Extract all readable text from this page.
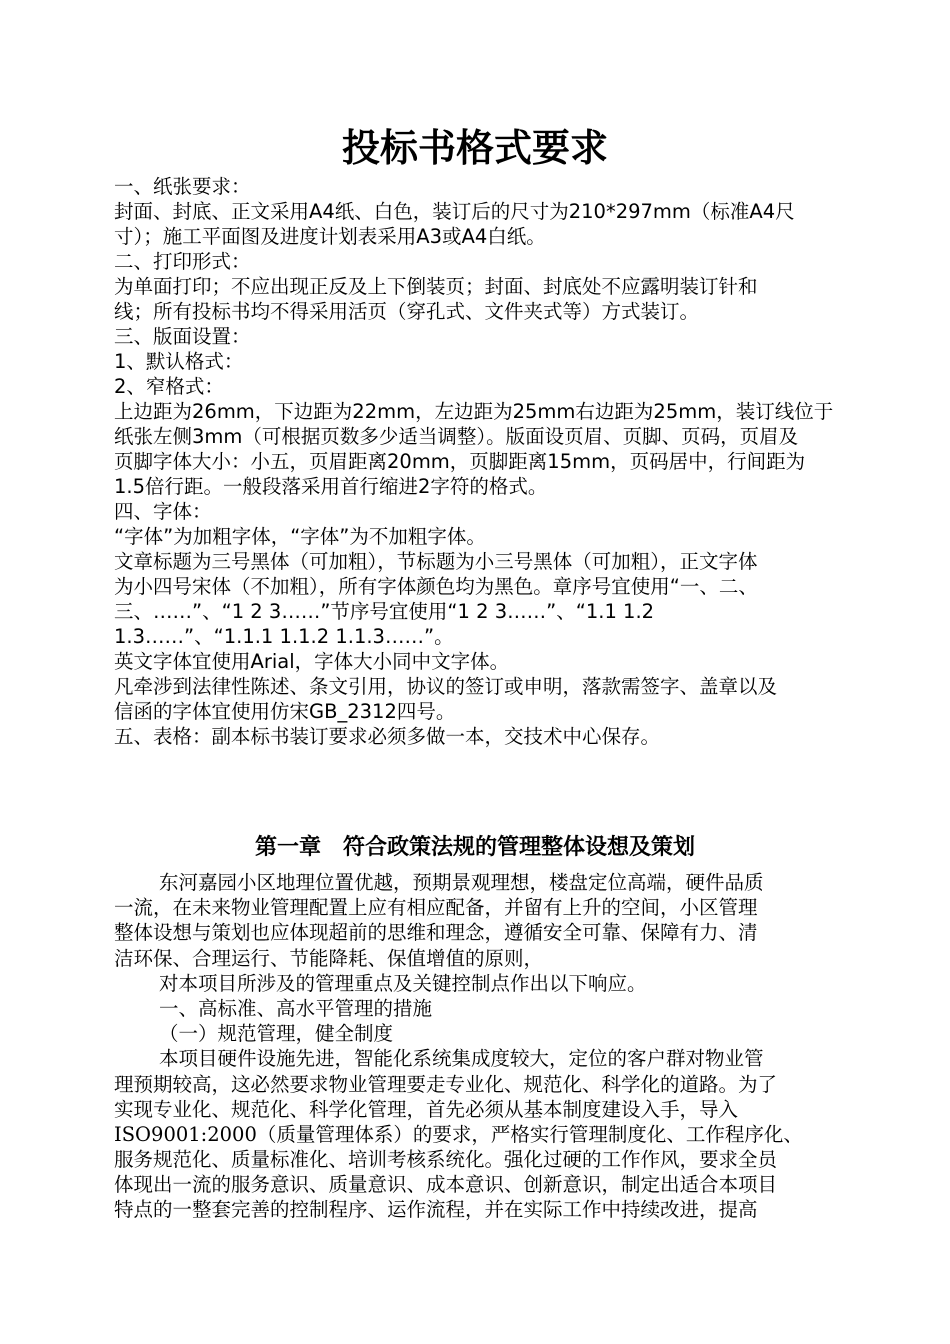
投标书格式要求
一、纸张要求：
封面、封底、正文采用A4纸、白色，装订后的尺寸为210*297mm（标准A4尺
寸）；施工平面图及进度计划表采用A3或A4白纸。
二、打印形式：
为单面打印；不应出现正反及上下倒装页；封面、封底处不应露明装订针和
线；所有投标书均不得采用活页（穿孔式、文件夹式等）方式装订。
三、版面设置：
1、默认格式：
2、窄格式：
上边距为26mm，下边距为22mm，左边距为25mm右边距为25mm，装订线位于
纸张左侧3mm（可根据页数多少适当调整）。版面设页眉、页脚、页码，页眉及
页脚字体大小：小五，页眉距离20mm，页脚距离15mm，页码居中，行间距为
1.5倍行距。一般段落采用首行缩进2字符的格式。
四、字体：
“字体”为加粗字体，“字体”为不加粗字体。
文章标题为三号黑体（可加粗），节标题为小三号黑体（可加粗），正文字体
为小四号宋体（不加粗），所有字体颜色均为黑色。章序号宜使用“一、二、
三、……”、“1 2 3……”节序号宜使用“1 2 3……”、“1.1 1.2
1.3……”、“1.1.1 1.1.2 1.1.3……”。
英文字体宜使用Arial，字体大小同中文字体。
凡牵涉到法律性陈述、条文引用，协议的签订或申明，落款需签字、盖章以及
信函的字体宜使用仿宋GB_2312四号。
五、表格：副本标书装订要求必须多做一本，交技术中心保存。
第一章　符合政策法规的管理整体设想及策划
东河嘉园小区地理位置优越，预期景观理想，楼盘定位高端，硬件品质
一流，在未来物业管理配置上应有相应配备，并留有上升的空间，小区管理
整体设想与策划也应体现超前的思维和理念，遵循安全可靠、保障有力、清
洁环保、合理运行、节能降耗、保值增值的原则，
对本项目所涉及的管理重点及关键控制点作出以下响应。
一、高标准、高水平管理的措施
（一）规范管理，健全制度
本项目硬件设施先进，智能化系统集成度较大，定位的客户群对物业管
理预期较高，这必然要求物业管理要走专业化、规范化、科学化的道路。为了
实现专业化、规范化、科学化管理，首先必须从基本制度建设入手，导入
ISO9001:2000（质量管理体系）的要求，严格实行管理制度化、工作程序化、
服务规范化、质量标准化、培训考核系统化。强化过硬的工作作风，要求全员
体现出一流的服务意识、质量意识、成本意识、创新意识，制定出适合本项目
特点的一整套完善的控制程序、运作流程，并在实际工作中持续改进，提高
